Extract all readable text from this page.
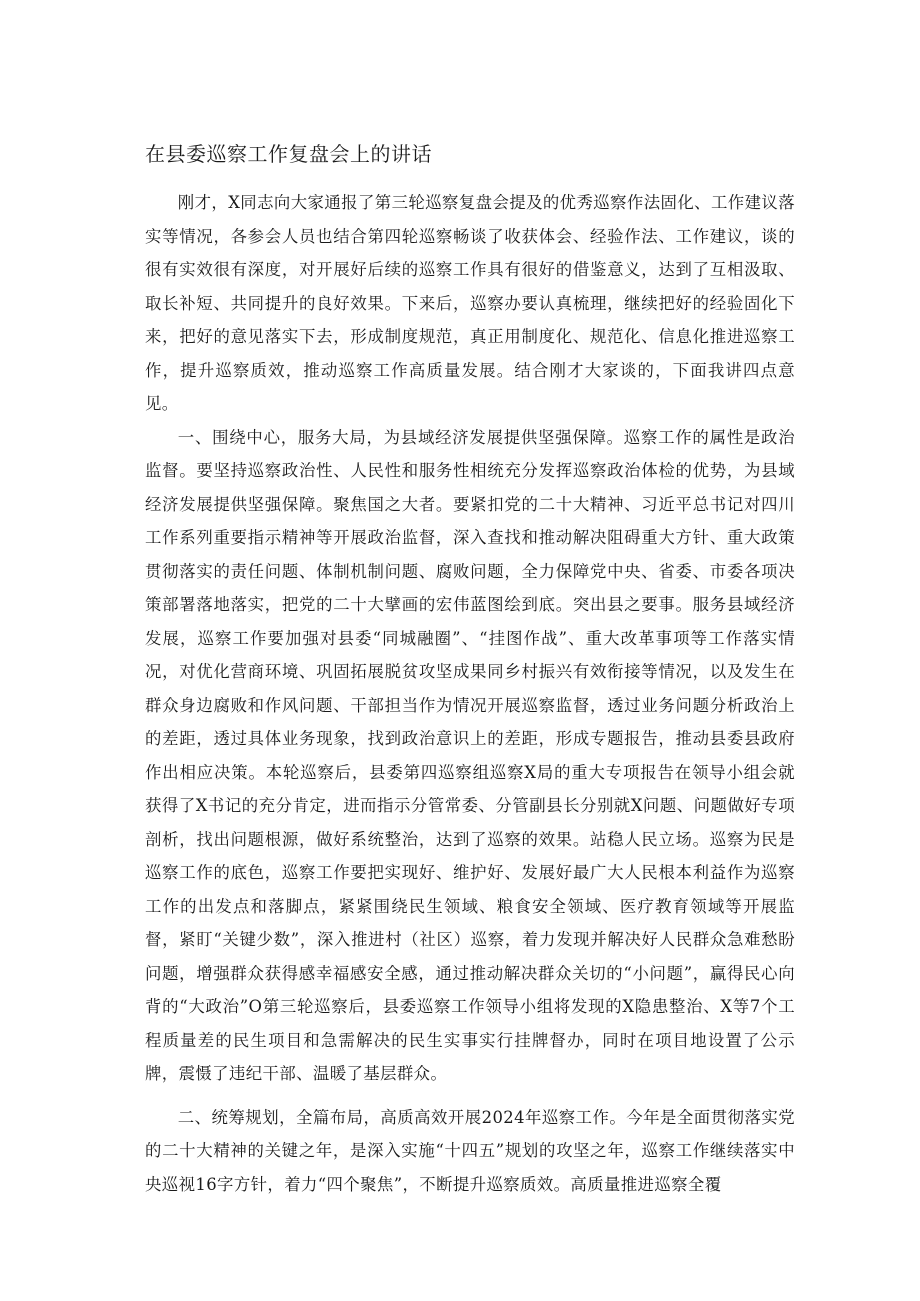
在县委巡察工作复盘会上的讲话

刚才，X同志向大家通报了第三轮巡察复盘会提及的优秀巡察作法固化、工作建议落实等情况，各参会人员也结合第四轮巡察畅谈了收获体会、经验作法、工作建议，谈的很有实效很有深度，对开展好后续的巡察工作具有很好的借鉴意义，达到了互相汲取、取长补短、共同提升的良好效果。下来后，巡察办要认真梳理，继续把好的经验固化下来，把好的意见落实下去，形成制度规范，真正用制度化、规范化、信息化推进巡察工作，提升巡察质效，推动巡察工作高质量发展。结合刚才大家谈的，下面我讲四点意见。

一、围绕中心，服务大局，为县域经济发展提供坚强保障。巡察工作的属性是政治监督。要坚持巡察政治性、人民性和服务性相统充分发挥巡察政治体检的优势，为县域经济发展提供坚强保障。聚焦国之大者。要紧扣党的二十大精神、习近平总书记对四川工作系列重要指示精神等开展政治监督，深入查找和推动解决阻碍重大方针、重大政策贯彻落实的责任问题、体制机制问题、腐败问题，全力保障党中央、省委、市委各项决策部署落地落实，把党的二十大擘画的宏伟蓝图绘到底。突出县之要事。服务县域经济发展，巡察工作要加强对县委“同城融圈”、“挂图作战”、重大改革事项等工作落实情况，对优化营商环境、巩固拓展脱贫攻坚成果同乡村振兴有效衔接等情况，以及发生在群众身边腐败和作风问题、干部担当作为情况开展巡察监督，透过业务问题分析政治上的差距，透过具体业务现象，找到政治意识上的差距，形成专题报告，推动县委县政府作出相应决策。本轮巡察后，县委第四巡察组巡察X局的重大专项报告在领导小组会就获得了X书记的充分肯定，进而指示分管常委、分管副县长分别就X问题、问题做好专项剖析，找出问题根源，做好系统整治，达到了巡察的效果。站稳人民立场。巡察为民是巡察工作的底色，巡察工作要把实现好、维护好、发展好最广大人民根本利益作为巡察工作的出发点和落脚点，紧紧围绕民生领域、粮食安全领域、医疗教育领域等开展监督，紧盯“关键少数”，深入推进村（社区）巡察，着力发现并解决好人民群众急难愁盼问题，增强群众获得感幸福感安全感，通过推动解决群众关切的“小问题”，赢得民心向背的“大政治”O第三轮巡察后，县委巡察工作领导小组将发现的X隐患整治、X等7个工程质量差的民生项目和急需解决的民生实事实行挂牌督办，同时在项目地设置了公示牌，震慑了违纪干部、温暖了基层群众。

二、统筹规划，全篇布局，高质高效开展2024年巡察工作。今年是全面贯彻落实党的二十大精神的关键之年，是深入实施“十四五”规划的攻坚之年，巡察工作继续落实中央巡视16字方针，着力“四个聚焦”，不断提升巡察质效。高质量推进巡察全覆
